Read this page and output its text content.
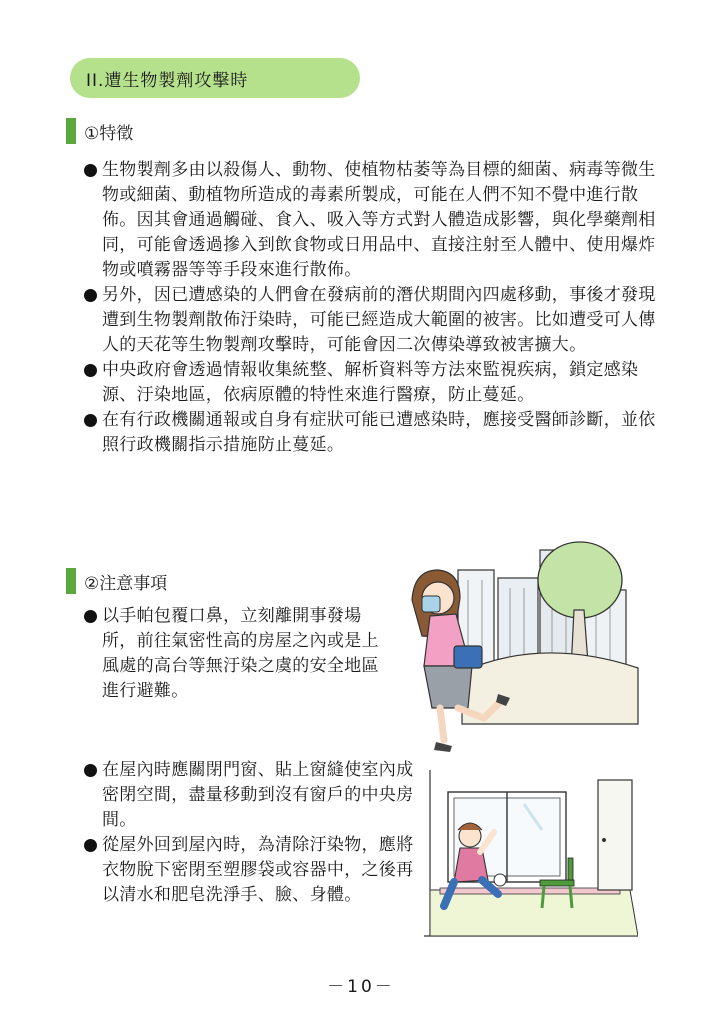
II.遭生物製劑攻擊時
①特徵
生物製劑多由以殺傷人、動物、使植物枯萎等為目標的細菌、病毒等微生物或細菌、動植物所造成的毒素所製成，可能在人們不知不覺中進行散佈。因其會通過觸碰、食入、吸入等方式對人體造成影響，與化學藥劑相同，可能會透過摻入到飲食物或日用品中、直接注射至人體中、使用爆炸物或噴霧器等等手段來進行散佈。
另外，因已遭感染的人們會在發病前的潛伏期間內四處移動，事後才發現遭到生物製劑散佈汙染時，可能已經造成大範圍的被害。比如遭受可人傳人的天花等生物製劑攻擊時，可能會因二次傳染導致被害擴大。
中央政府會透過情報收集統整、解析資料等方法來監視疾病，鎖定感染源、汙染地區，依病原體的特性來進行醫療，防止蔓延。
在有行政機關通報或自身有症狀可能已遭感染時，應接受醫師診斷，並依照行政機關指示措施防止蔓延。
②注意事項
以手帕包覆口鼻，立刻離開事發場所，前往氣密性高的房屋之內或是上風處的高台等無汙染之虞的安全地區進行避難。
在屋內時應關閉門窗、貼上窗縫使室內成密閉空間，盡量移動到沒有窗戶的中央房間。
從屋外回到屋內時，為清除汙染物，應將衣物脫下密閉至塑膠袋或容器中，之後再以清水和肥皂洗淨手、臉、身體。
－10－
